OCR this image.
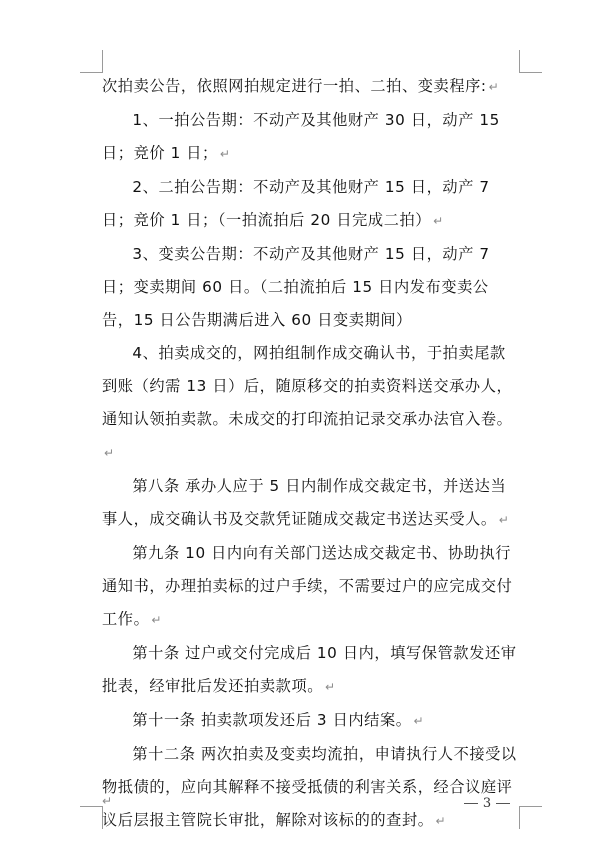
次拍卖公告，依照网拍规定进行一拍、二拍、变卖程序: ↵

1、一拍公告期：不动产及其他财产 30 日，动产 15 日；竞价 1 日； ↵

2、二拍公告期：不动产及其他财产 15 日，动产 7 日；竞价 1 日；（一拍流拍后 20 日完成二拍） ↵

3、变卖公告期：不动产及其他财产 15 日，动产 7 日；变卖期间 60 日。（二拍流拍后 15 日内发布变卖公告，15 日公告期满后进入 60 日变卖期间）

4、拍卖成交的，网拍组制作成交确认书，于拍卖尾款到账（约需 13 日）后，随原移交的拍卖资料送交承办人，通知认领拍卖款。未成交的打印流拍记录交承办法官入卷。↵

第八条 承办人应于 5 日内制作成交裁定书，并送达当事人，成交确认书及交款凭证随成交裁定书送达买受人。 ↵

第九条 10 日内向有关部门送达成交裁定书、协助执行通知书，办理拍卖标的过户手续，不需要过户的应完成交付工作。 ↵

第十条 过户或交付完成后 10 日内，填写保管款发还审批表，经审批后发还拍卖款项。 ↵

第十一条 拍卖款项发还后 3 日内结案。 ↵

第十二条 两次拍卖及变卖均流拍，申请执行人不接受以物抵债的，应向其解释不接受抵债的利害关系，经合议庭评议后层报主管院长审批，解除对该标的的查封。 ↵

↵	3
